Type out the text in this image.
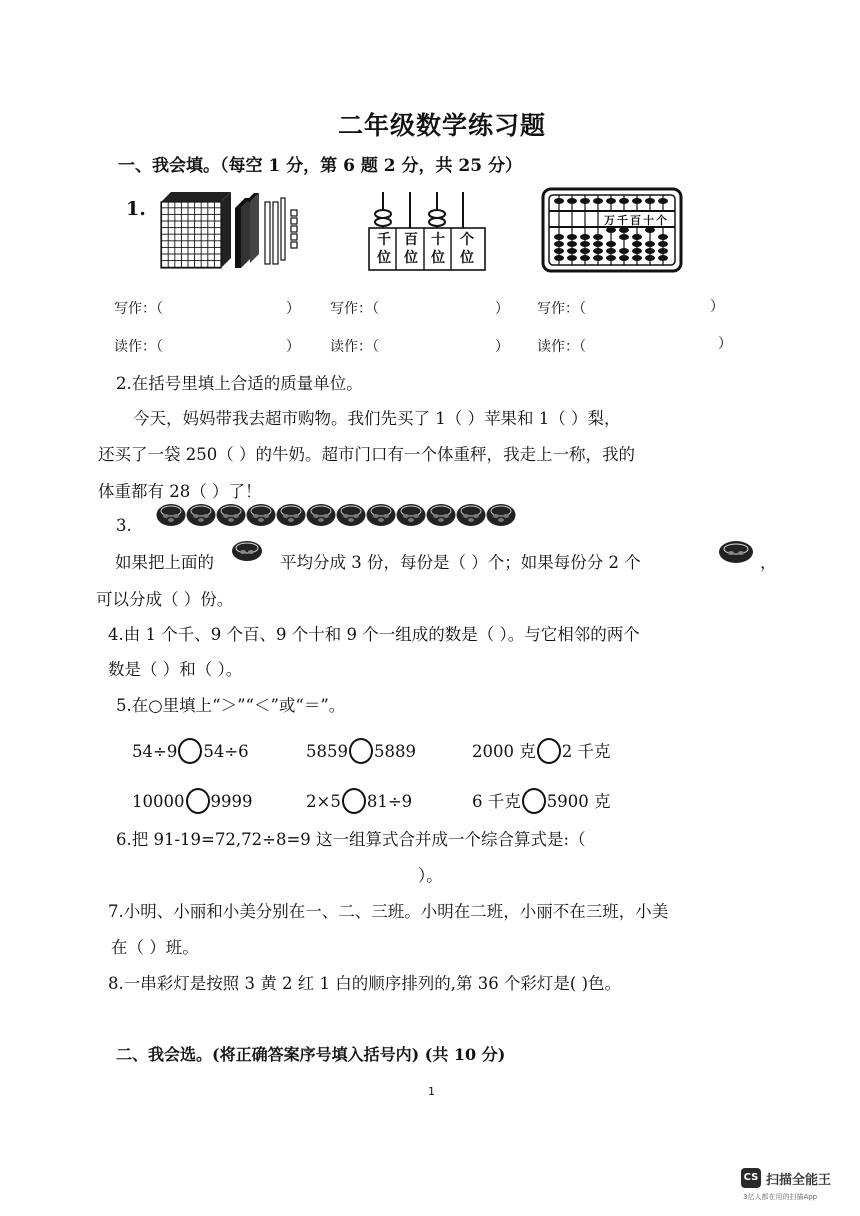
二年级数学练习题
一、我会填。（每空 1 分，第 6 题 2 分，共 25 分）
1.
千
位
百
位
十
位
个
位
万千百十个
写作：（	） 写作：（	） 写作：（	）
读作：（	） 读作：（	） 读作：（	）
2.在括号里填上合适的质量单位。
今天，妈妈带我去超市购物。我们先买了 1（ ）苹果和 1（ ）梨，
还买了一袋 250（ ）的牛奶。超市门口有一个体重秤，我走上一称，我的
体重都有 28（ ）了！
3.
如果把上面的	平均分成 3 份，每份是（ ）个；如果每份分 2 个	，
可以分成（ ）份。
4.由 1 个千、9 个百、9 个十和 9 个一组成的数是（ ）。与它相邻的两个
数是（ ）和（ ）。
5.在○里填上“＞”“＜”或“＝”。
54÷9 54÷6	5859 5889	2000 克 2 千克
10000 9999	2×5 81÷9	6 千克 5900 克
6.把 91-19=72,72÷8=9 这一组算式合并成一个综合算式是:（
）。
7.小明、小丽和小美分别在一、二、三班。小明在二班，小丽不在三班，小美
在（ ）班。
8.一串彩灯是按照 3 黄 2 红 1 白的顺序排列的,第 36 个彩灯是( )色。
二、我会选。(将正确答案序号填入括号内) (共 10 分)
1
CS 扫描全能王
3亿人都在用的扫描App
